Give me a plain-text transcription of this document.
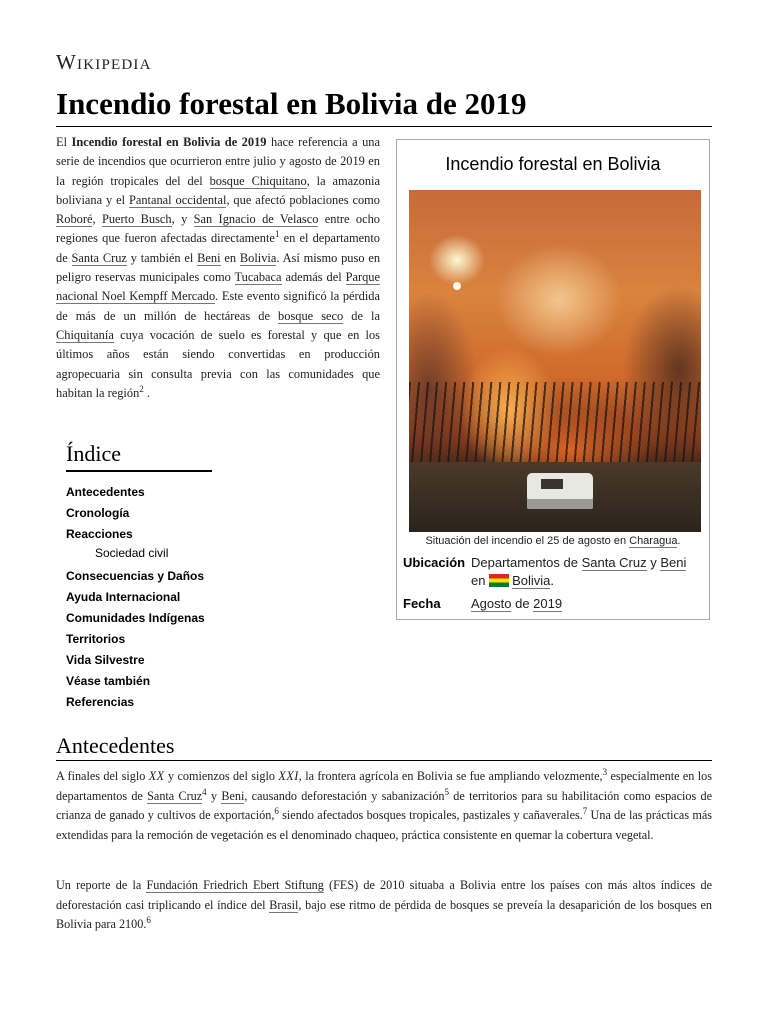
Wikipedia
Incendio forestal en Bolivia de 2019

El Incendio forestal en Bolivia de 2019 hace referencia a una serie de incendios que ocurrieron entre julio y agosto de 2019 en la región tropicales del del bosque Chiquitano, la amazonia boliviana y el Pantanal occidental, que afectó poblaciones como Roboré, Puerto Busch, y San Ignacio de Velasco entre ocho regiones que fueron afectadas directamente$^1$ en el departamento de Santa Cruz y también el Beni en Bolivia. Así mismo puso en peligro reservas municipales como Tucabaca además del Parque nacional Noel Kempff Mercado. Este evento significó la pérdida de más de un millón de hectáreas de bosque seco de la Chiquitanía cuya vocación de suelo es forestal y que en los últimos años están siendo convertidas en producción agropecuaria sin consulta previa con las comunidades que habitan la región$^2$ .

Incendio forestal en Bolivia
Situación del incendio el 25 de agosto en Charagua.
Ubicación Departamentos de Santa Cruz y Beni
en Bolivia.
Fecha	Agosto de 2019
Índice
Antecedentes
Cronología
Reacciones
Sociedad civil
Consecuencias y Daños
Ayuda Internacional
Comunidades Indígenas
Territorios
Vida Silvestre
Véase también
Referencias
Antecedentes

A finales del siglo XX y comienzos del siglo XXI, la frontera agrícola en Bolivia se fue ampliando velozmente,$^3$ especialmente en los departamentos de Santa Cruz$^4$ y Beni, causando deforestación y sabanización$^5$ de territorios para su habilitación como espacios de crianza de ganado y cultivos de exportación,$^6$ siendo afectados bosques tropicales, pastizales y cañaverales.$^7$ Una de las prácticas más extendidas para la remoción de vegetación es el denominado chaqueo, práctica consistente en quemar la cobertura vegetal.

Un reporte de la Fundación Friedrich Ebert Stiftung (FES) de 2010 situaba a Bolivia entre los países con más altos índices de deforestación casi triplicando el índice del Brasil, bajo ese ritmo de pérdida de bosques se preveía la desaparición de los bosques en Bolivia para 2100.$^6$
